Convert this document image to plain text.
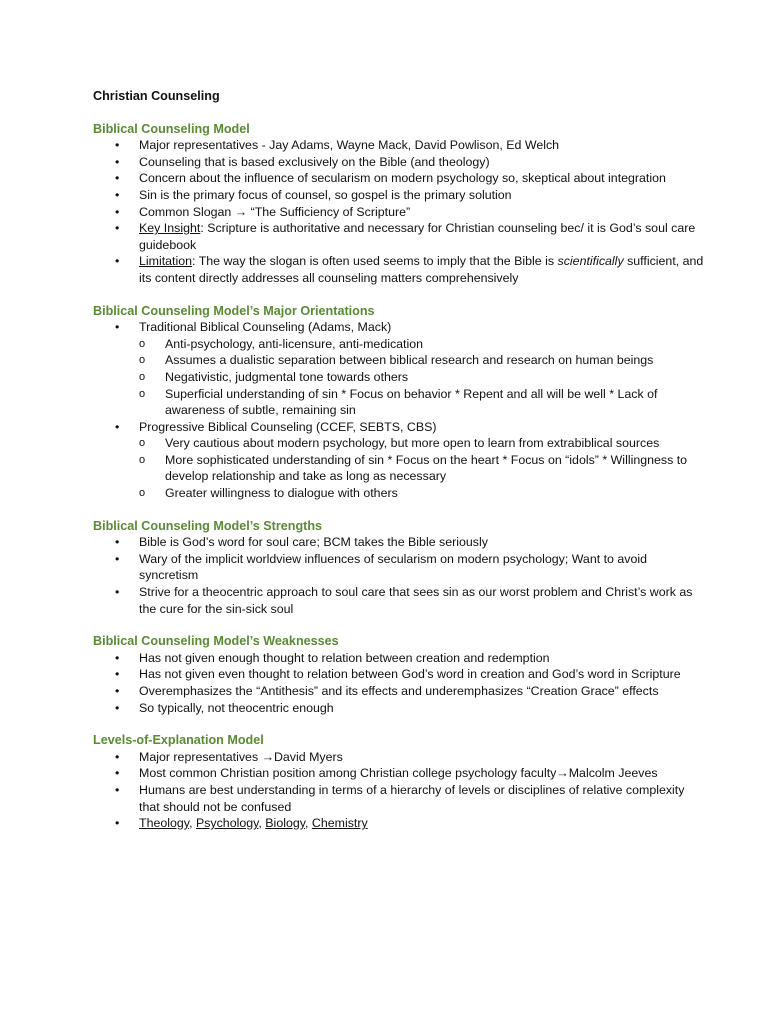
Christian Counseling
Biblical Counseling Model
• Major representatives - Jay Adams, Wayne Mack, David Powlison, Ed Welch
• Counseling that is based exclusively on the Bible (and theology)
• Concern about the influence of secularism on modern psychology so, skeptical about integration
• Sin is the primary focus of counsel, so gospel is the primary solution
• Common Slogan → “The Sufficiency of Scripture”
• Key Insight: Scripture is authoritative and necessary for Christian counseling bec/ it is God’s soul care guidebook
• Limitation: The way the slogan is often used seems to imply that the Bible is scientifically sufficient, and its content directly addresses all counseling matters comprehensively
Biblical Counseling Model’s Major Orientations
• Traditional Biblical Counseling (Adams, Mack)
o Anti-psychology, anti-licensure, anti-medication
o Assumes a dualistic separation between biblical research and research on human beings
o Negativistic, judgmental tone towards others
o Superficial understanding of sin * Focus on behavior * Repent and all will be well * Lack of awareness of subtle, remaining sin
• Progressive Biblical Counseling (CCEF, SEBTS, CBS)
o Very cautious about modern psychology, but more open to learn from extrabiblical sources
o More sophisticated understanding of sin * Focus on the heart * Focus on “idols” * Willingness to develop relationship and take as long as necessary
o Greater willingness to dialogue with others
Biblical Counseling Model’s Strengths
• Bible is God’s word for soul care; BCM takes the Bible seriously
• Wary of the implicit worldview influences of secularism on modern psychology; Want to avoid syncretism
• Strive for a theocentric approach to soul care that sees sin as our worst problem and Christ’s work as the cure for the sin-sick soul
Biblical Counseling Model’s Weaknesses
• Has not given enough thought to relation between creation and redemption
• Has not given even thought to relation between God’s word in creation and God’s word in Scripture
• Overemphasizes the “Antithesis” and its effects and underemphasizes “Creation Grace” effects
• So typically, not theocentric enough
Levels-of-Explanation Model
• Major representatives →David Myers
• Most common Christian position among Christian college psychology faculty→Malcolm Jeeves
• Humans are best understanding in terms of a hierarchy of levels or disciplines of relative complexity that should not be confused
• Theology, Psychology, Biology, Chemistry
